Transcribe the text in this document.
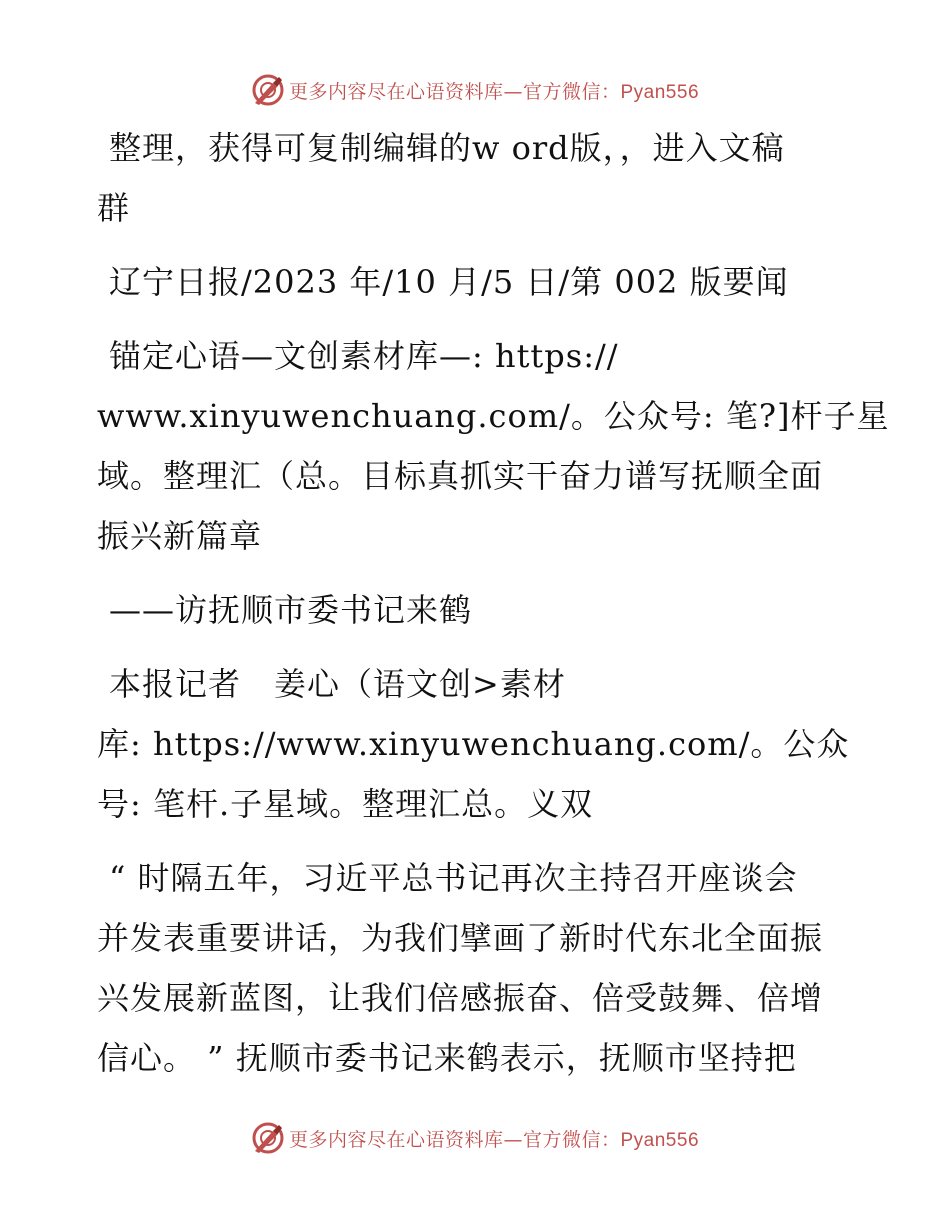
更多内容尽在心语资料库—官方微信：Pyan556

整理，获得可复制编辑的w ord版，，进入文稿

群

辽宁日报/2023 年/10 月/5 日/第 002 版要闻

锚定心语—文创素材库—: https://

www.xinyuwenchuang.com/。公众号: 笔?]杆子星

域。整理汇（总。目标真抓实干奋力谱写抚顺全面

振兴新篇章

——访抚顺市委书记来鹤

本报记者　姜心（语文创>素材

库: https://www.xinyuwenchuang.com/。公众

号: 笔杆.子星域。整理汇总。义双

“ 时隔五年，习近平总书记再次主持召开座谈会

并发表重要讲话，为我们擘画了新时代东北全面振

兴发展新蓝图，让我们倍感振奋、倍受鼓舞、倍增

信心。 ” 抚顺市委书记来鹤表示，抚顺市坚持把

更多内容尽在心语资料库—官方微信：Pyan556
